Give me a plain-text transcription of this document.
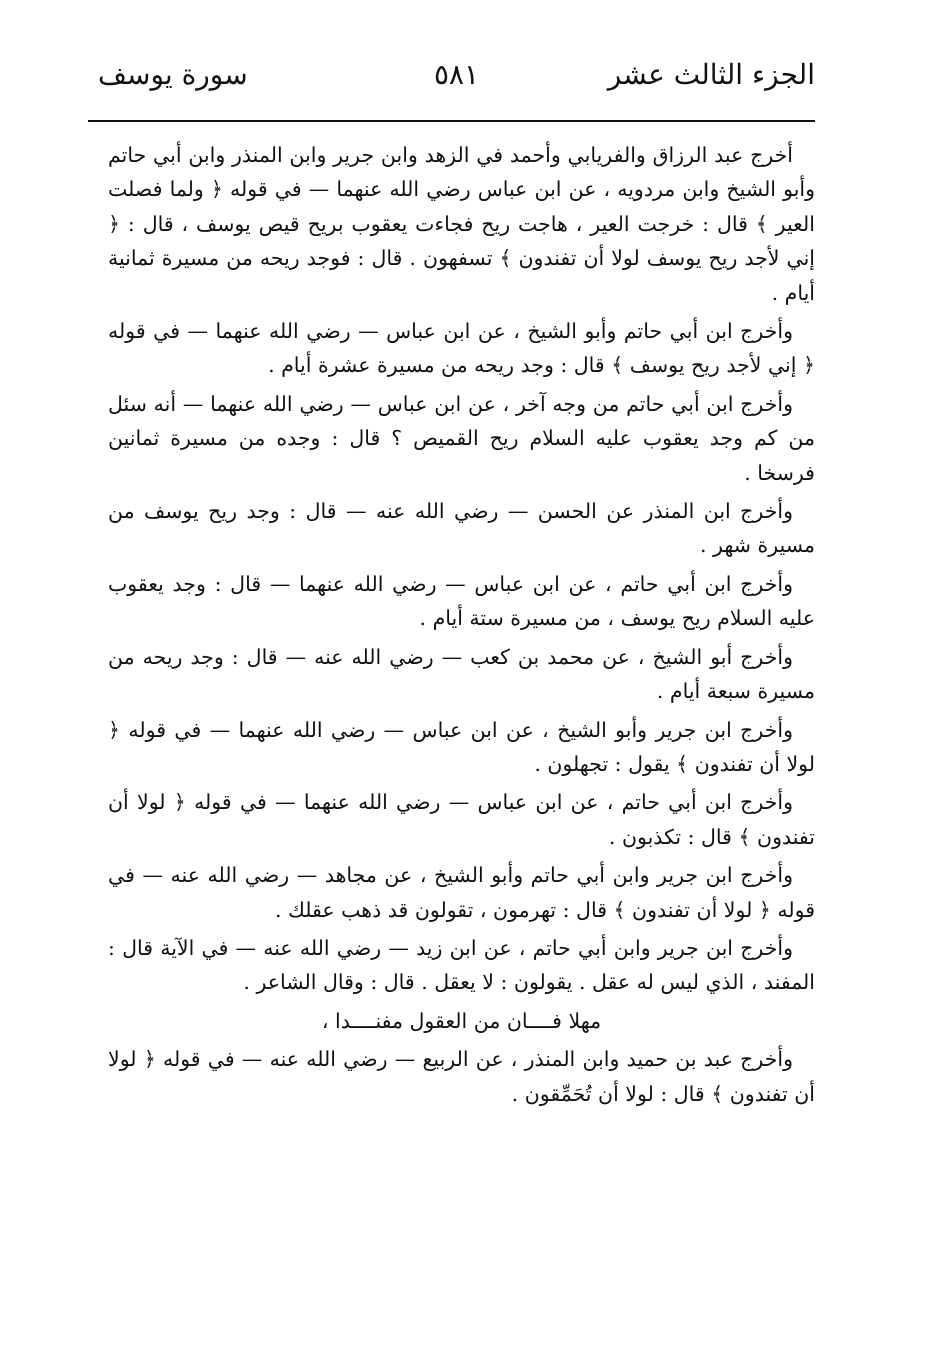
الجزء الثالث عشر
٥٨١
سورة يوسف

أخرج عبد الرزاق والفريابي وأحمد في الزهد وابن جرير وابن المنذر وابن أبي حاتم وأبو الشيخ وابن مردويه ، عن ابن عباس رضي الله عنهما — في قوله ﴿ ولما فصلت العير ﴾ قال : خرجت العير ، هاجت ريح فجاءت يعقوب بريح قيص يوسف ، قال : ﴿ إني لأجد ريح يوسف لولا أن تفندون ﴾ تسفهون . قال : فوجد ريحه من مسيرة ثمانية أيام .

وأخرج ابن أبي حاتم وأبو الشيخ ، عن ابن عباس — رضي الله عنهما — في قوله ﴿ إني لأجد ريح يوسف ﴾ قال : وجد ريحه من مسيرة عشرة أيام .

وأخرج ابن أبي حاتم من وجه آخر ، عن ابن عباس — رضي الله عنهما — أنه سئل من كم وجد يعقوب عليه السلام ريح القميص ؟ قال : وجده من مسيرة ثمانين فرسخا .

وأخرج ابن المنذر عن الحسن — رضي الله عنه — قال : وجد ريح يوسف من مسيرة شهر .

وأخرج ابن أبي حاتم ، عن ابن عباس — رضي الله عنهما — قال : وجد يعقوب عليه السلام ريح يوسف ، من مسيرة ستة أيام .

وأخرج أبو الشيخ ، عن محمد بن كعب — رضي الله عنه — قال : وجد ريحه من مسيرة سبعة أيام .

وأخرج ابن جرير وأبو الشيخ ، عن ابن عباس — رضي الله عنهما — في قوله ﴿ لولا أن تفندون ﴾ يقول : تجهلون .

وأخرج ابن أبي حاتم ، عن ابن عباس — رضي الله عنهما — في قوله ﴿ لولا أن تفندون ﴾ قال : تكذبون .

وأخرج ابن جرير وابن أبي حاتم وأبو الشيخ ، عن مجاهد — رضي الله عنه — في قوله ﴿ لولا أن تفندون ﴾ قال : تهرمون ، تقولون قد ذهب عقلك .

وأخرج ابن جرير وابن أبي حاتم ، عن ابن زيد — رضي الله عنه — في الآية قال : المفند ، الذي ليس له عقل . يقولون : لا يعقل . قال : وقال الشاعر .

مهلا فــــان من العقول مفنــــدا ،

وأخرج عبد بن حميد وابن المنذر ، عن الربيع — رضي الله عنه — في قوله ﴿ لولا أن تفندون ﴾ قال : لولا أن تُحَمِّقون .
